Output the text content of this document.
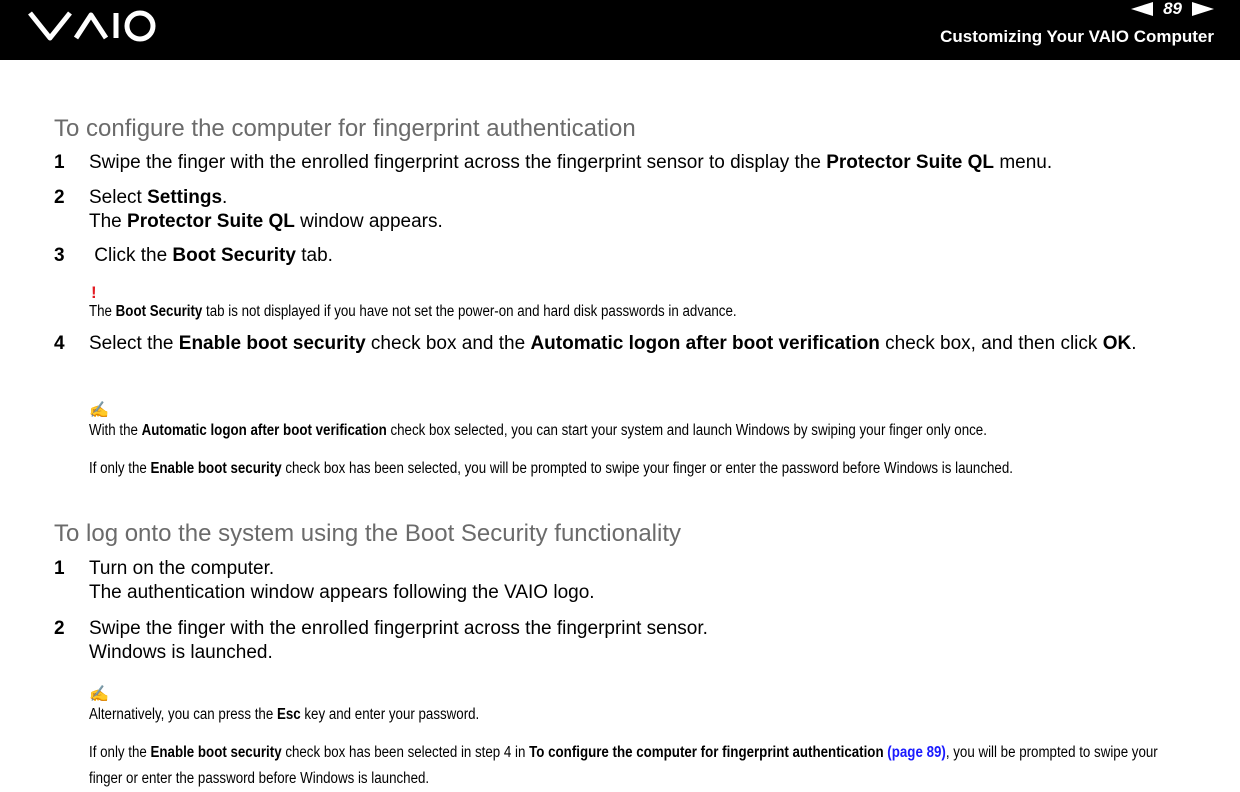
89
Customizing Your VAIO Computer
To configure the computer for fingerprint authentication
1 Swipe the finger with the enrolled fingerprint across the fingerprint sensor to display the Protector Suite QL menu.
2 Select Settings.
The Protector Suite QL window appears.
3 Click the Boot Security tab.
!
The Boot Security tab is not displayed if you have not set the power-on and hard disk passwords in advance.
4 Select the Enable boot security check box and the Automatic logon after boot verification check box, and then click OK.
✍
With the Automatic logon after boot verification check box selected, you can start your system and launch Windows by swiping your finger only once.
If only the Enable boot security check box has been selected, you will be prompted to swipe your finger or enter the password before Windows is launched.
To log onto the system using the Boot Security functionality
1 Turn on the computer.
The authentication window appears following the VAIO logo.
2 Swipe the finger with the enrolled fingerprint across the fingerprint sensor.
Windows is launched.
✍
Alternatively, you can press the Esc key and enter your password.
If only the Enable boot security check box has been selected in step 4 in To configure the computer for fingerprint authentication (page 89), you will be prompted to swipe your finger or enter the password before Windows is launched.
